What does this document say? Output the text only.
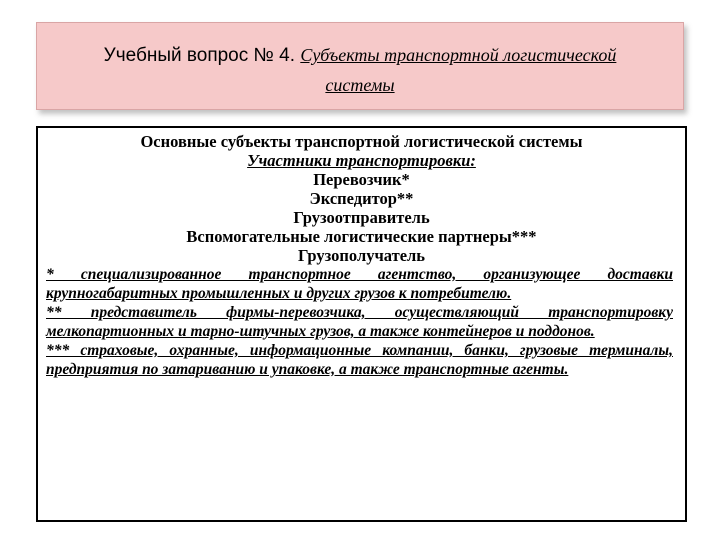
Учебный вопрос № 4. Субъекты транспортной логистической
системы
Основные субъекты транспортной логистической системы
Участники транспортировки:
Перевозчик*
Экспедитор**
Грузоотправитель
Вспомогательные логистические партнеры***
Грузополучатель

* специализированное транспортное агентство, организующее доставки крупногабаритных промышленных и других грузов к потребителю.

** представитель фирмы-перевозчика, осуществляющий транспортировку мелкопартионных и тарно-штучных грузов, а также контейнеров и поддонов.

*** страховые, охранные, информационные компании, банки, грузовые терминалы, предприятия по затариванию и упаковке, а также транспортные агенты.
